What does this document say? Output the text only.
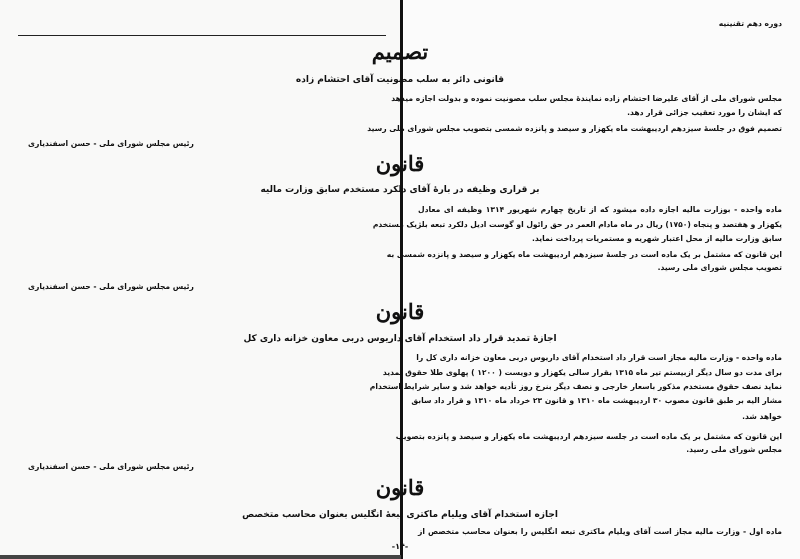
دوره دهم تقنینیه
تصمیم
قانونی دائر به سلب مصونیت آقای احتشام زاده
مجلس شورای ملی از آقای علیرضا احتشام زاده نمایندهٔ مجلس سلب مصونیت نموده و بدولت اجازه میدهد
که ایشان را مورد تعقیب جزائی قرار دهد.
تصمیم فوق در جلسهٔ سیزدهم اردیبهشت ماه یکهزار و سیصد و پانزده شمسی بتصویب مجلس شورای ملی رسید
رئیس مجلس شورای ملی - حسن اسفندیاری
قانون
بر قراری وظیفه در بارهٔ آقای دلکرد مستخدم سابق وزارت مالیه
ماده واحده - بوزارت مالیه اجازه داده میشود که از تاریخ چهارم شهریور ۱۳۱۴ وظیفه ای معادل
یکهزار و هفتصد و پنجاه (۱۷۵۰) ریال در ماه مادام العمر در حق رائول او گوست ادیل دلکرد تبعه بلژیک مستخدم
سابق وزارت مالیه از محل اعتبار شهریه و مستمریات پرداخت نماید.
این قانون که مشتمل بر یک ماده است در جلسهٔ سیزدهم اردیبهشت ماه یکهزار و سیصد و پانزده شمسی به
تصویب مجلس شورای ملی رسید.
رئیس مجلس شورای ملی - حسن اسفندیاری
قانون
اجازهٔ تمدید قرار داد استخدام آقای داریوس دربی معاون خزانه داری کل
ماده واحده - وزارت مالیه مجاز است قرار داد استخدام آقای داریوس دربی معاون خزانه داری کل را
برای مدت دو سال دیگر ازبیستم تیر ماه ۱۳۱۵ بقرار سالی یکهزار و دویست ( ۱۲۰۰ ) پهلوی طلا حقوق تمدید
نماید نصف حقوق مستخدم مذکور باسعار خارجی و نصف دیگر بنرخ روز تأدیه خواهد شد و سایر شرایط استخدام
مشار الیه بر طبق قانون مصوب ۳۰ اردیبهشت ماه ۱۳۱۰ و قانون ۲۳ خرداد ماه ۱۳۱۰ و قرار داد سابق
خواهد شد.
این قانون که مشتمل بر یک ماده است در جلسه سیزدهم اردیبهشت ماه یکهزار و سیصد و پانزده بتصویب
مجلس شورای ملی رسید.
رئیس مجلس شورای ملی - حسن اسفندیاری
قانون
اجازه استخدام آقای ویلیام ماکتری تبعهٔ انگلیس بعنوان محاسب متخصص
ماده اول - وزارت مالیه مجاز است آقای ویلیام ماکتری تبعه انگلیس را بعنوان محاسب متخصص از
-۱۴-
